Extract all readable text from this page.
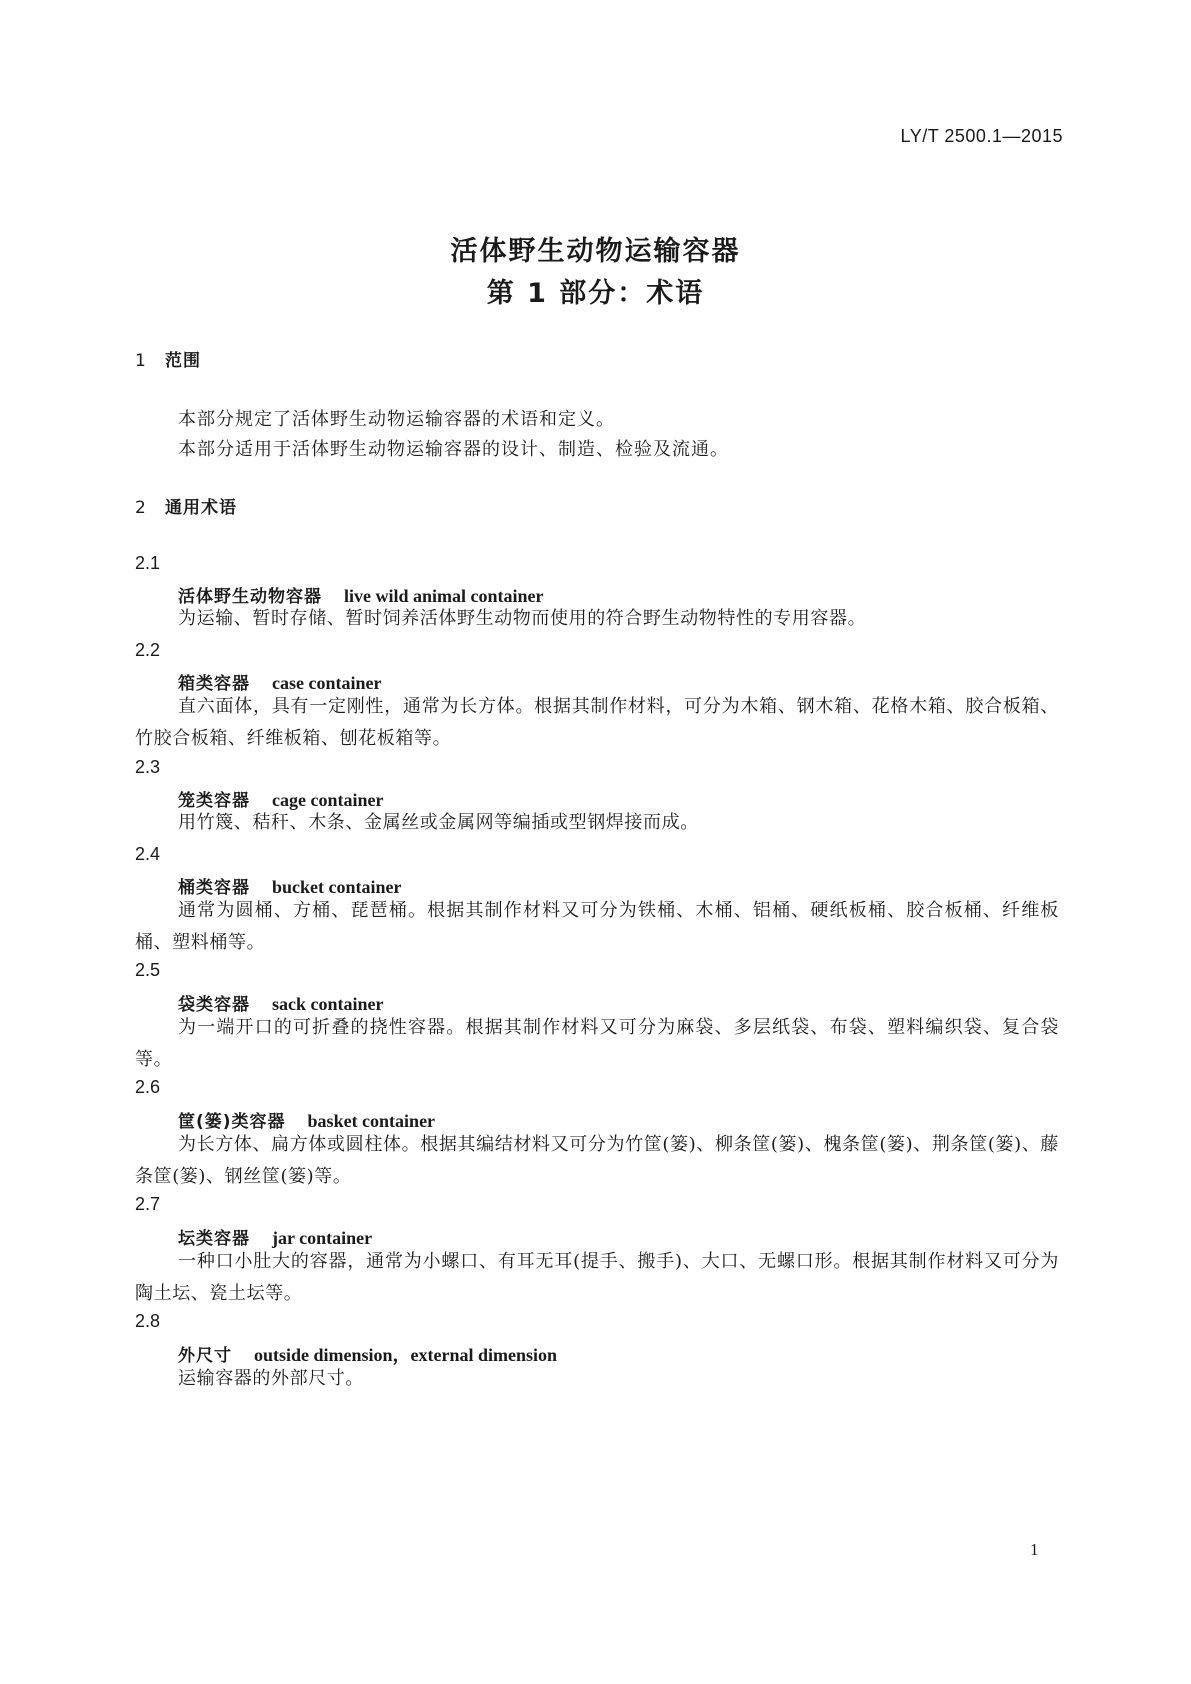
LY/T 2500.1—2015
活体野生动物运输容器
第 1 部分：术语
1 范围
本部分规定了活体野生动物运输容器的术语和定义。
本部分适用于活体野生动物运输容器的设计、制造、检验及流通。
2 通用术语
2.1
活体野生动物容器 live wild animal container
为运输、暂时存储、暂时饲养活体野生动物而使用的符合野生动物特性的专用容器。
2.2
箱类容器 case container
直六面体，具有一定刚性，通常为长方体。根据其制作材料，可分为木箱、钢木箱、花格木箱、胶合板箱、竹胶合板箱、纤维板箱、刨花板箱等。
2.3
笼类容器 cage container
用竹篾、秸秆、木条、金属丝或金属网等编插或型钢焊接而成。
2.4
桶类容器 bucket container
通常为圆桶、方桶、琵琶桶。根据其制作材料又可分为铁桶、木桶、铝桶、硬纸板桶、胶合板桶、纤维板桶、塑料桶等。
2.5
袋类容器 sack container
为一端开口的可折叠的挠性容器。根据其制作材料又可分为麻袋、多层纸袋、布袋、塑料编织袋、复合袋等。
2.6
筐(篓)类容器 basket container
为长方体、扁方体或圆柱体。根据其编结材料又可分为竹筐(篓)、柳条筐(篓)、槐条筐(篓)、荆条筐(篓)、藤条筐(篓)、钢丝筐(篓)等。
2.7
坛类容器 jar container
一种口小肚大的容器，通常为小螺口、有耳无耳(提手、搬手)、大口、无螺口形。根据其制作材料又可分为陶土坛、瓷土坛等。
2.8
外尺寸 outside dimension，external dimension
运输容器的外部尺寸。
1
